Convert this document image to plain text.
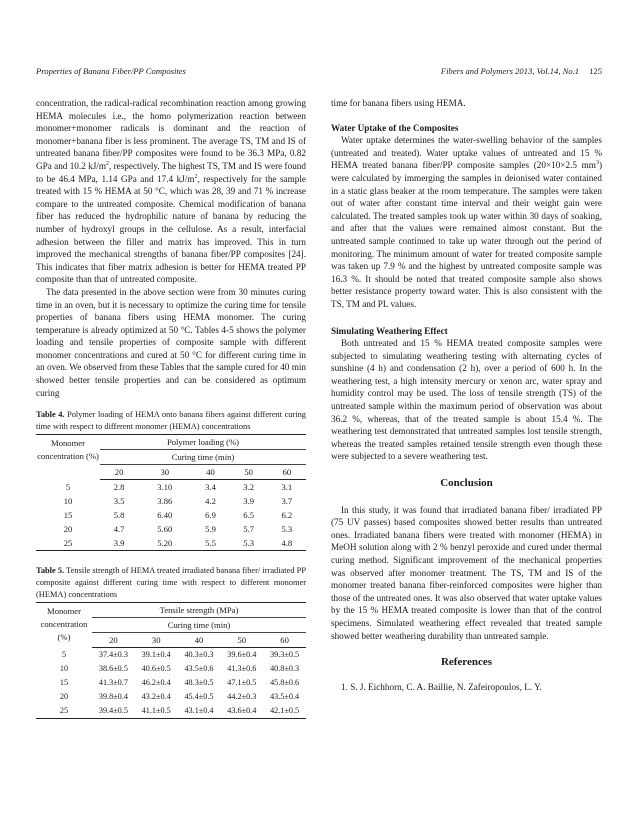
Properties of Banana Fiber/PP Composites	Fibers and Polymers 2013, Vol.14, No.1 125

concentration, the radical-radical recombination reaction among growing HEMA molecules i.e., the homo polymerization reaction between monomer+monomer radicals is dominant and the reaction of monomer+banana fiber is less prominent. The average TS, TM and IS of untreated banana fiber/PP composites were found to be 36.3 MPa, 0.82 GPa and 10.2 $kJ/m^2$, respectively. The highest TS, TM and IS were found to be 46.4 MPa, 1.14 GPa and 17.4 $kJ/m^2$, respectively for the sample treated with 15 % HEMA at 50 °C, which was 28, 39 and 71 % increase compare to the untreated composite. Chemical modification of banana fiber has reduced the hydrophilic nature of banana by reducing the number of hydroxyl groups in the cellulose. As a result, interfacial adhesion between the filler and matrix has improved. This in turn improved the mechanical strengths of banana fiber/PP composites [24]. This indicates that fiber matrix adhesion is better for HEMA treated PP composite than that of untreated composite.

The data presented in the above section were from 30 minutes curing time in an oven, but it is necessary to optimize the curing time for tensile properties of banana fibers using HEMA monomer. The curing temperature is already optimized at 50 °C. Tables 4-5 shows the polymer loading and tensile properties of composite sample with different monomer concentrations and cured at 50 °C for different curing time in an oven. We observed from these Tables that the sample cured for 40 min showed better tensile properties and can be considered as optimum curing

Table 4. Polymer loading of HEMA onto banana fibers against different curing time with respect to different monomer (HEMA) concentrations

Monomer concentration (%)	Polymer loading (%)				
	Curing time (min)				
	20	30	40	50	60
5	2.8	3.10	3.4	3.2	3.1
10	3.5	3.86	4.2	3.9	3.7
15	5.8	6.40	6.9	6.5	6.2
20	4.7	5.60	5.9	5.7	5.3
25	3.9	5.20	5.5	5.3	4.8

Table 5. Tensile strength of HEMA treated irradiated banana fiber/ irradiated PP composite against different curing time with respect to different monomer (HEMA) concentrations

Monomer concentration (%)	Tensile strength (MPa)				
	Curing time (min)				
	20	30	40	50	60
5	37.4±0.3	39.1±0.4	40.3±0.3	39.6±0.4	39.3±0.5
10	38.6±0.5	40.6±0.5	43.5±0.6	41.3±0.6	40.8±0.3
15	41.3±0.7	46.2±0.4	48.3±0.5	47.1±0.5	45.8±0.6
20	39.8±0.4	43.2±0.4	45.4±0.5	44.2±0.3	43.5±0.4
25	39.4±0.5	41.1±0.5	43.1±0.4	43.6±0.4	42.1±0.5

time for banana fibers using HEMA.

Water Uptake of the Composites

Water uptake determines the water-swelling behavior of the samples (untreated and treated). Water uptake values of untreated and 15 % HEMA treated banana fiber/PP composite samples (20×10×2.5 $mm^3$) were calculated by immerging the samples in deionised water contained in a static glass beaker at the room temperature. The samples were taken out of water after constant time interval and their weight gain were calculated. The treated samples took up water within 30 days of soaking, and after that the values were remained almost constant. But the untreated sample continued to take up water through out the period of monitoring. The minimum amount of water for treated composite sample was taken up 7.9 % and the highest by untreated composite sample was 16.3 %. It should be noted that treated composite sample also shows better resistance property toward water. This is also consistent with the TS, TM and PL values.

Simulating Weathering Effect

Both untreated and 15 % HEMA treated composite samples were subjected to simulating weathering testing with alternating cycles of sunshine (4 h) and condensation (2 h), over a period of 600 h. In the weathering test, a high intensity mercury or xenon arc, water spray and humidity control may be used. The loss of tensile strength (TS) of the untreated sample within the maximum period of observation was about 36.2 %, whereas, that of the treated sample is about 15.4 %. The weathering test demonstrated that untreated samples lost tensile strength, whereas the treated samples retained tensile strength even though these were subjected to a severe weathering test.

Conclusion

In this study, it was found that irradiated banana fiber/ irradiated PP (75 UV passes) based composites showed better results than untreated ones. Irradiated banana fibers were treated with monomer (HEMA) in MeOH solution along with 2 % benzyl peroxide and cured under thermal curing method. Significant improvement of the mechanical properties was observed after monomer treatment. The TS, TM and IS of the monomer treated banana fiber-reinforced composites were higher than those of the untreated ones. It was also observed that water uptake values by the 15 % HEMA treated composite is lower than that of the control specimens. Simulated weathering effect revealed that treated sample showed better weathering durability than untreated sample.

References

1. S. J. Eichhorn, C. A. Baillie, N. Zafeiropoulos, L. Y.
